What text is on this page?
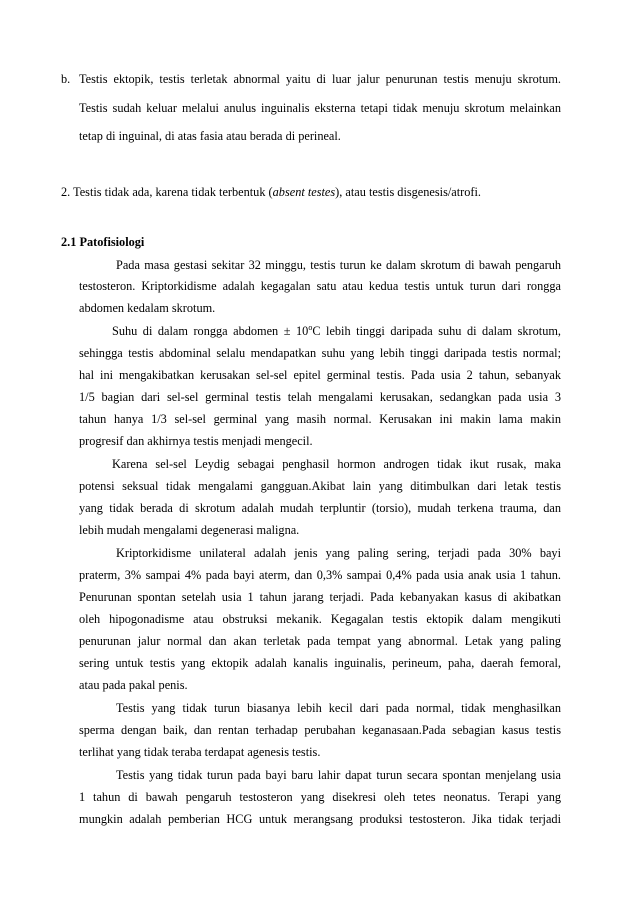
b. Testis ektopik, testis terletak abnormal yaitu di luar jalur penurunan testis menuju skrotum.
Testis sudah keluar melalui anulus inguinalis eksterna tetapi tidak menuju skrotum melainkan
tetap di inguinal, di atas fasia atau berada di perineal.
2. Testis tidak ada, karena tidak terbentuk (absent testes), atau testis disgenesis/atrofi.
2.1 Patofisiologi
Pada masa gestasi sekitar 32 minggu, testis turun ke dalam skrotum di bawah pengaruh
testosteron. Kriptorkidisme adalah kegagalan satu atau kedua testis untuk turun dari rongga
abdomen kedalam skrotum.
Suhu di dalam rongga abdomen ± $10^oC$ lebih tinggi daripada suhu di dalam skrotum,
sehingga testis abdominal selalu mendapatkan suhu yang lebih tinggi daripada testis normal;
hal ini mengakibatkan kerusakan sel-sel epitel germinal testis. Pada usia 2 tahun, sebanyak
1/5 bagian dari sel-sel germinal testis telah mengalami kerusakan, sedangkan pada usia 3
tahun hanya 1/3 sel-sel germinal yang masih normal. Kerusakan ini makin lama makin
progresif dan akhirnya testis menjadi mengecil.
Karena sel-sel Leydig sebagai penghasil hormon androgen tidak ikut rusak, maka
potensi seksual tidak mengalami gangguan.Akibat lain yang ditimbulkan dari letak testis
yang tidak berada di skrotum adalah mudah terpluntir (torsio), mudah terkena trauma, dan
lebih mudah mengalami degenerasi maligna.
Kriptorkidisme unilateral adalah jenis yang paling sering, terjadi pada 30% bayi
praterm, 3% sampai 4% pada bayi aterm, dan 0,3% sampai 0,4% pada usia anak usia 1 tahun.
Penurunan spontan setelah usia 1 tahun jarang terjadi. Pada kebanyakan kasus di akibatkan
oleh hipogonadisme atau obstruksi mekanik. Kegagalan testis ektopik dalam mengikuti
penurunan jalur normal dan akan terletak pada tempat yang abnormal. Letak yang paling
sering untuk testis yang ektopik adalah kanalis inguinalis, perineum, paha, daerah femoral,
atau pada pakal penis.
Testis yang tidak turun biasanya lebih kecil dari pada normal, tidak menghasilkan
sperma dengan baik, dan rentan terhadap perubahan keganasaan.Pada sebagian kasus testis
terlihat yang tidak teraba terdapat agenesis testis.
Testis yang tidak turun pada bayi baru lahir dapat turun secara spontan menjelang usia
1 tahun di bawah pengaruh testosteron yang disekresi oleh tetes neonatus. Terapi yang
mungkin adalah pemberian HCG untuk merangsang produksi testosteron. Jika tidak terjadi
